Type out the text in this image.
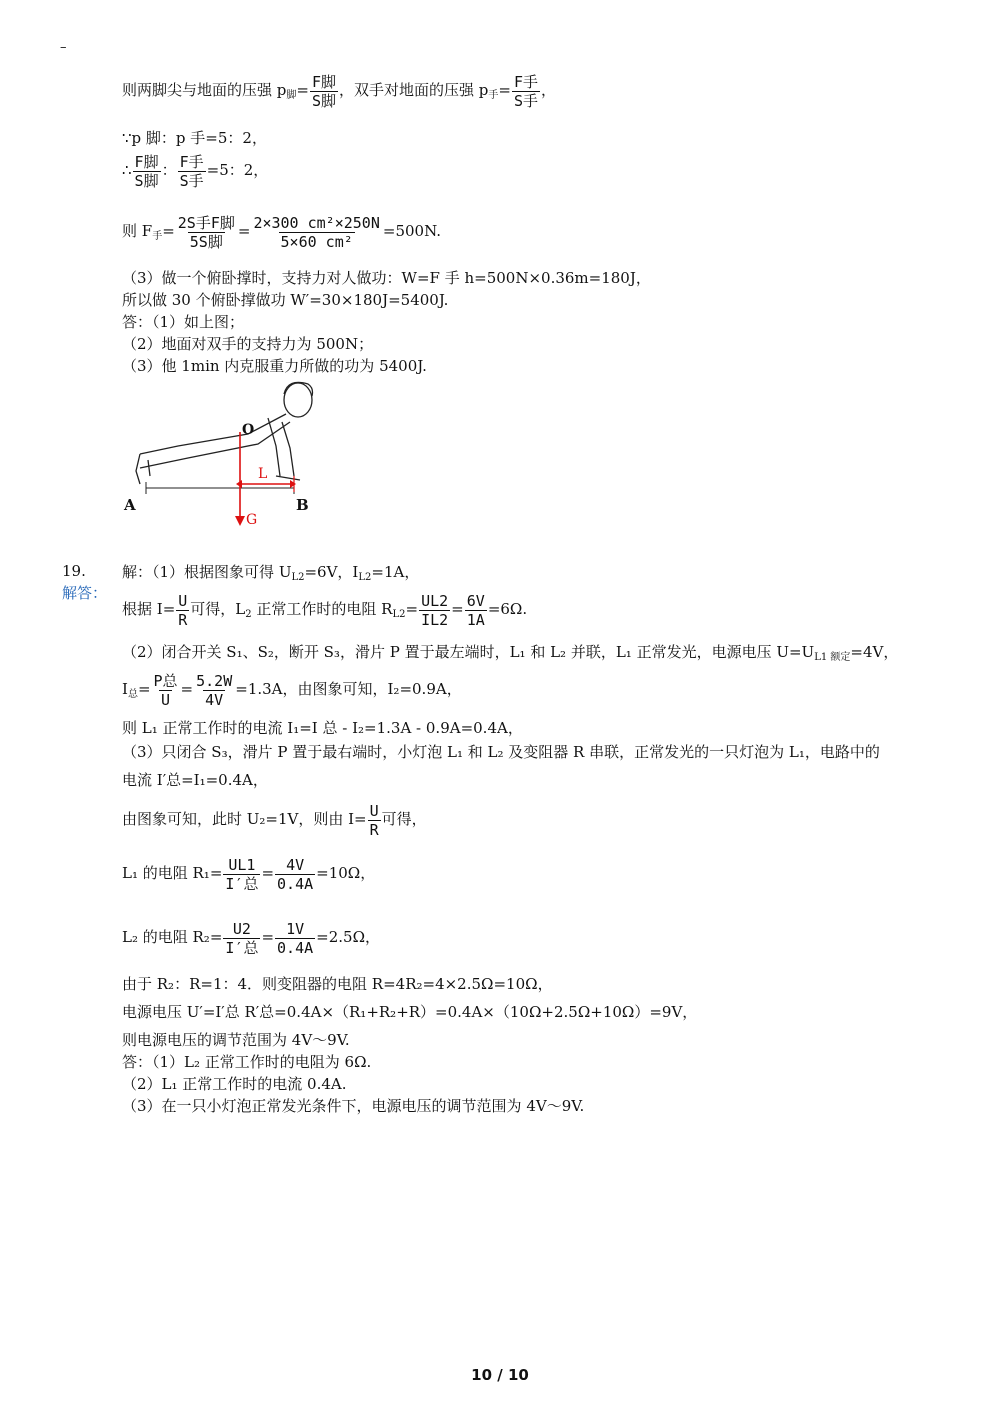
–
则两脚尖与地面的压强 $p_脚= \frac{\text{F脚}}{\text{S脚}}$ ，双手对地面的压强 $p_手= \frac{\text{F手}}{\text{S手}}$ ，
∵p 脚：p 手=5：2，
∴ $\frac{\text{F脚}}{\text{S脚}}$ ： $\frac{\text{F手}}{\text{S手}} =5$：2，
则 $F_手= \frac{\text{2S手F脚}}{\text{5S脚}} = \frac{\text{2×300 cm²×250N}}{\text{5×60 cm²}} =500N$.
（3）做一个俯卧撑时，支持力对人做功：W=F 手 h=500N×0.36m=180J，
所以做 30 个俯卧撑做功 W′=30×180J=5400J.
答：（1）如上图；
（2）地面对双手的支持力为 500N；
（3）他 1min 内克服重力所做的功为 5400J.
A	B
O
L
G
19.
解答：
解：（1）根据图象可得 $U_{L2}=6V$，$I_{L2}=1A$，
根据 $I= \frac{U}{R}$ 可得，$L_2$ 正常工作时的电阻 $R_{L2}= \frac{UL2}{IL2} = \frac{6V}{1A} =6\Omega$.
（2）闭合开关 S₁、S₂，断开 S₃，滑片 P 置于最左端时，L₁ 和 L₂ 并联，L₁ 正常发光，电源电压 $U=U_{L1 额定}=4V$，
$I_总= \frac{\text{P总}}{U} = \frac{5.2W}{4V} =1.3A$，由图象可知，I₂=0.9A，
则 L₁ 正常工作时的电流 I₁=I 总 - I₂=1.3A - 0.9A=0.4A，
（3）只闭合 S₃，滑片 P 置于最右端时，小灯泡 L₁ 和 L₂ 及变阻器 R 串联，正常发光的一只灯泡为 L₁，电路中的
电流 I′总=I₁=0.4A，
由图象可知，此时 U₂=1V，则由 $I= \frac{U}{R}$ 可得，
L₁ 的电阻 $R_1= \frac{UL1}{\text{I′总}} = \frac{4V}{0.4A} =10\Omega$，
L₂ 的电阻 $R_2= \frac{U2}{\text{I′总}} = \frac{1V}{0.4A} =2.5\Omega$，
由于 R₂：R=1：4．则变阻器的电阻 R=4R₂=4×2.5Ω=10Ω，
电源电压 U′=I′总 R′总=0.4A×（R₁+R₂+R）=0.4A×（10Ω+2.5Ω+10Ω）=9V，
则电源电压的调节范围为 4V～9V.
答：（1）L₂ 正常工作时的电阻为 6Ω.
（2）L₁ 正常工作时的电流 0.4A.
（3）在一只小灯泡正常发光条件下，电源电压的调节范围为 4V～9V.
10 / 10
